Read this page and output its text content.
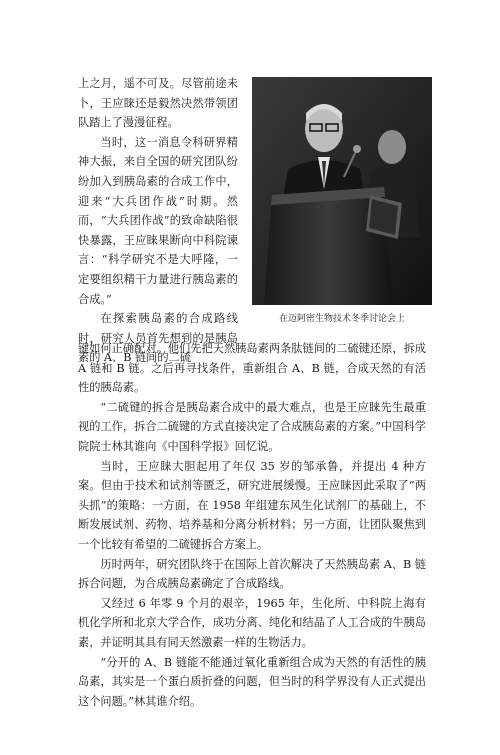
上之月，遥不可及。尽管前途未卜，王应睐还是毅然决然带领团队踏上了漫漫征程。

当时，这一消息令科研界精神大振，来自全国的研究团队纷纷加入到胰岛素的合成工作中，迎来“大兵团作战”时期。然而，“大兵团作战”的致命缺陷很快暴露，王应睐果断向中科院谏言：“科学研究不是大呼隆，一定要组织精干力量进行胰岛素的合成。”

在探索胰岛素的合成路线时，研究人员首先想到的是胰岛素的 A、B 链间的二硫

在迈阿密生物技术冬季讨论会上

键如何正确配对。他们先把天然胰岛素两条肽链间的二硫键还原，拆成 A 链和 B 链。之后再寻找条件，重新组合 A、B 链，合成天然的有活性的胰岛素。

“二硫键的拆合是胰岛素合成中的最大难点，也是王应睐先生最重视的工作，拆合二硫键的方式直接决定了合成胰岛素的方案。”中国科学院院士林其谁向《中国科学报》回忆说。

当时，王应睐大胆起用了年仅 35 岁的邹承鲁，并提出 4 种方案。但由于技术和试剂等匮乏，研究进展缓慢。王应睐因此采取了“两头抓”的策略：一方面，在 1958 年组建东风生化试剂厂的基础上，不断发展试剂、药物、培养基和分离分析材料；另一方面，让团队聚焦到一个比较有希望的二硫键拆合方案上。

历时两年，研究团队终于在国际上首次解决了天然胰岛素 A、B 链拆合问题，为合成胰岛素确定了合成路线。

又经过 6 年零 9 个月的艰辛，1965 年，生化所、中科院上海有机化学所和北京大学合作，成功分离、纯化和结晶了人工合成的牛胰岛素，并证明其具有同天然激素一样的生物活力。

“分开的 A、B 链能不能通过氧化重新组合成为天然的有活性的胰岛素，其实是一个蛋白质折叠的问题，但当时的科学界没有人正式提出这个问题。”林其谁介绍。
